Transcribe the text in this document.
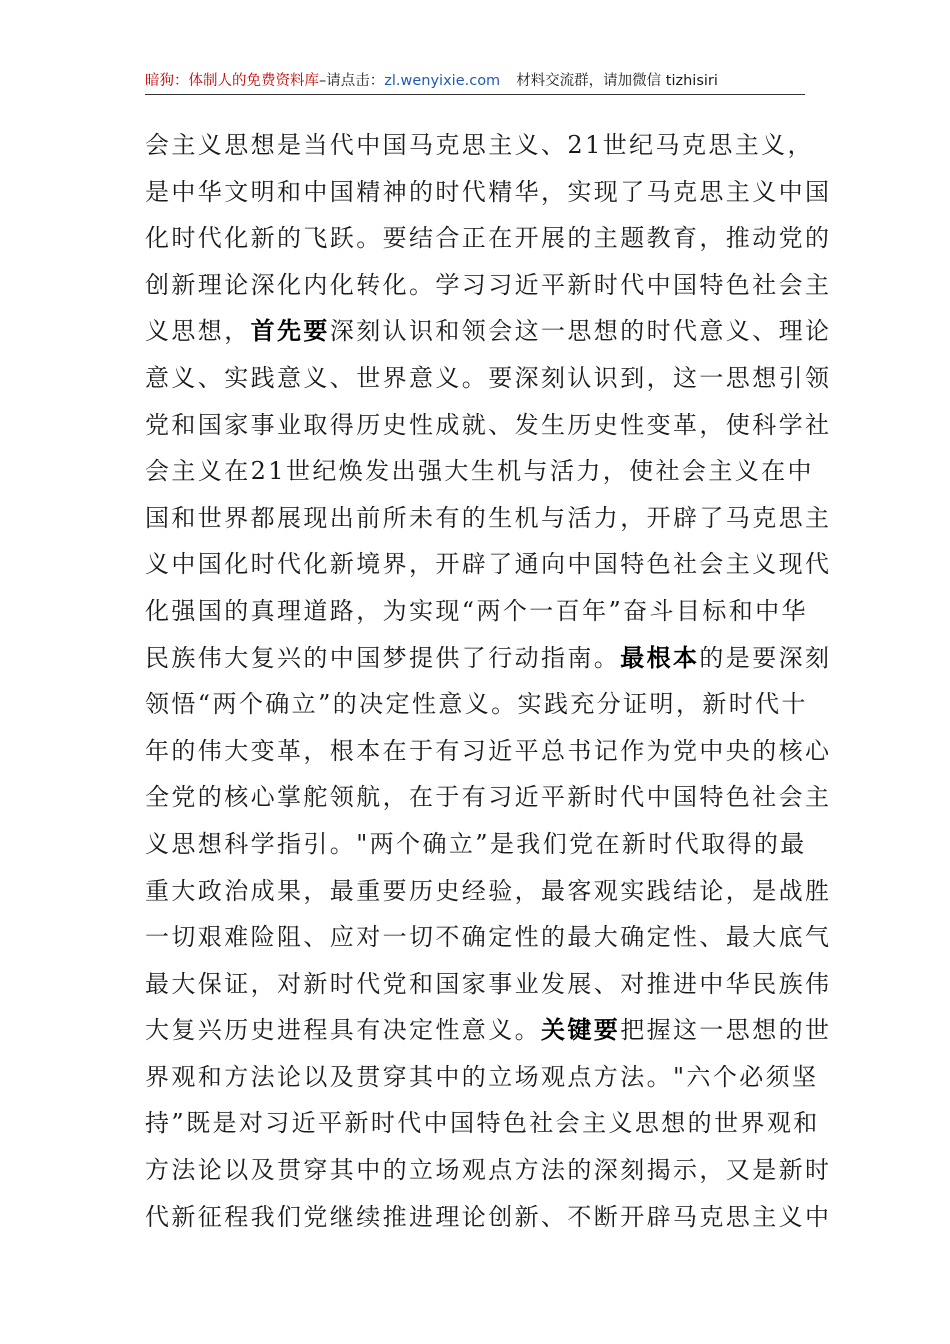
暗狗：体制人的免费资料库–请点击：zl.wenyixie.com 材料交流群，请加微信 tizhisiri
会主义思想是当代中国马克思主义、21世纪马克思主义，
是中华文明和中国精神的时代精华，实现了马克思主义中国
化时代化新的飞跃。要结合正在开展的主题教育，推动党的
创新理论深化内化转化。学习习近平新时代中国特色社会主
义思想，首先要深刻认识和领会这一思想的时代意义、理论
意义、实践意义、世界意义。要深刻认识到，这一思想引领
党和国家事业取得历史性成就、发生历史性变革，使科学社
会主义在21世纪焕发出强大生机与活力，使社会主义在中
国和世界都展现出前所未有的生机与活力，开辟了马克思主
义中国化时代化新境界，开辟了通向中国特色社会主义现代
化强国的真理道路，为实现“两个一百年”奋斗目标和中华
民族伟大复兴的中国梦提供了行动指南。最根本的是要深刻
领悟“两个确立”的决定性意义。实践充分证明，新时代十
年的伟大变革，根本在于有习近平总书记作为党中央的核心
全党的核心掌舵领航，在于有习近平新时代中国特色社会主
义思想科学指引。"两个确立”是我们党在新时代取得的最
重大政治成果，最重要历史经验，最客观实践结论，是战胜
一切艰难险阻、应对一切不确定性的最大确定性、最大底气
最大保证，对新时代党和国家事业发展、对推进中华民族伟
大复兴历史进程具有决定性意义。关键要把握这一思想的世
界观和方法论以及贯穿其中的立场观点方法。"六个必须坚
持”既是对习近平新时代中国特色社会主义思想的世界观和
方法论以及贯穿其中的立场观点方法的深刻揭示，又是新时
代新征程我们党继续推进理论创新、不断开辟马克思主义中
